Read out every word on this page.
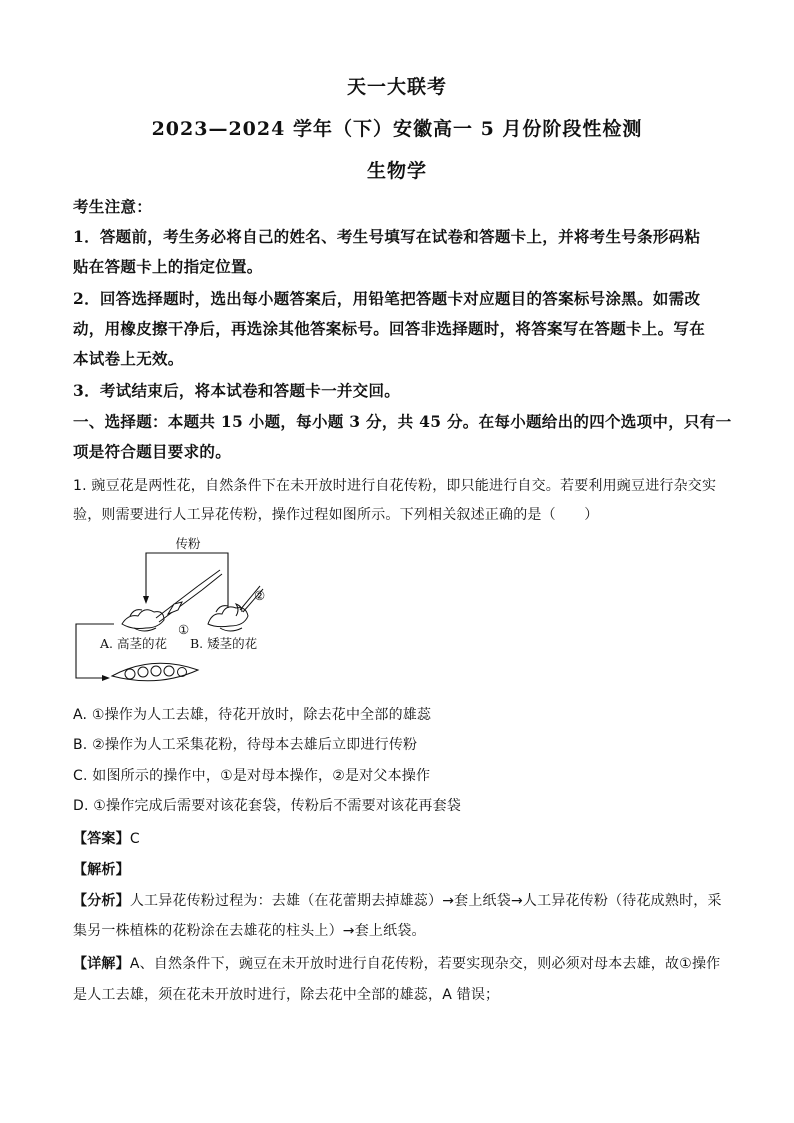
天一大联考
2023—2024 学年（下）安徽高一 5 月份阶段性检测
生物学
考生注意：
1．答题前，考生务必将自己的姓名、考生号填写在试卷和答题卡上，并将考生号条形码粘
贴在答题卡上的指定位置。
2．回答选择题时，选出每小题答案后，用铅笔把答题卡对应题目的答案标号涂黑。如需改
动，用橡皮擦干净后，再选涂其他答案标号。回答非选择题时，将答案写在答题卡上。写在
本试卷上无效。
3．考试结束后，将本试卷和答题卡一并交回。
一、选择题：本题共 15 小题，每小题 3 分，共 45 分。在每小题给出的四个选项中，只有一
项是符合题目要求的。
1. 豌豆花是两性花，自然条件下在未开放时进行自花传粉，即只能进行自交。若要利用豌豆进行杂交实
验，则需要进行人工异花传粉，操作过程如图所示。下列相关叙述正确的是（　　）
传粉
①
A. 高茎的花
②
B. 矮茎的花
A. ①操作为人工去雄，待花开放时，除去花中全部的雄蕊
B. ②操作为人工采集花粉，待母本去雄后立即进行传粉
C. 如图所示的操作中，①是对母本操作，②是对父本操作
D. ①操作完成后需要对该花套袋，传粉后不需要对该花再套袋
【答案】C
【解析】
【分析】人工异花传粉过程为：去雄（在花蕾期去掉雄蕊）→套上纸袋→人工异花传粉（待花成熟时，采
集另一株植株的花粉涂在去雄花的柱头上）→套上纸袋。
【详解】A、自然条件下，豌豆在未开放时进行自花传粉，若要实现杂交，则必须对母本去雄，故①操作
是人工去雄，须在花未开放时进行，除去花中全部的雄蕊，A 错误；
